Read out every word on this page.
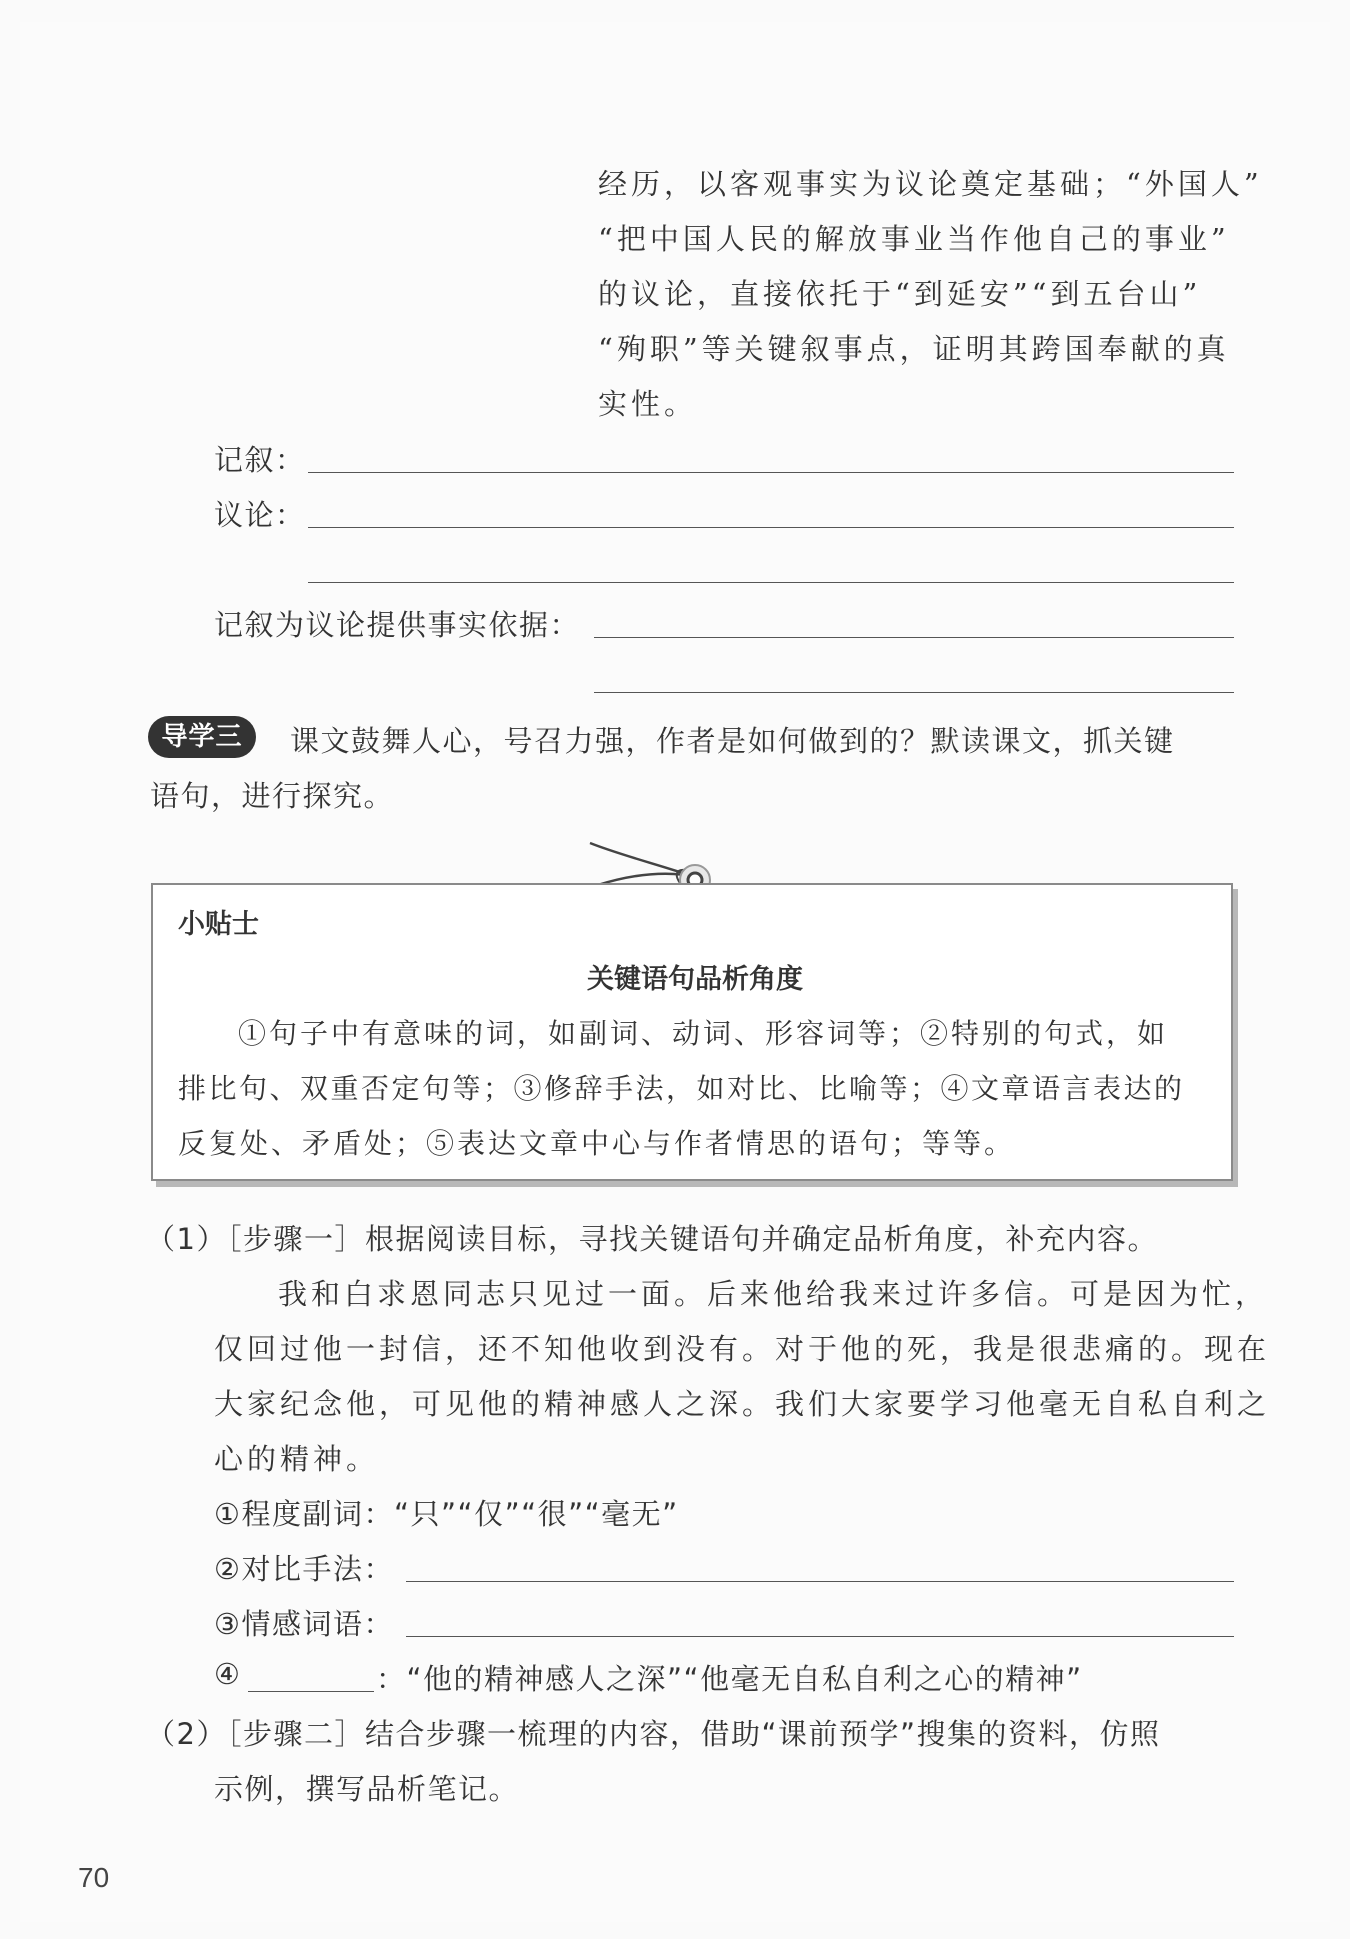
经历，以客观事实为议论奠定基础；“外国人”
“把中国人民的解放事业当作他自己的事业”
的议论，直接依托于“到延安”“到五台山”
“殉职”等关键叙事点，证明其跨国奉献的真
实性。
记叙：
议论：
记叙为议论提供事实依据：
导学三	课文鼓舞人心，号召力强，作者是如何做到的？默读课文，抓关键
语句，进行探究。
小贴士
关键语句品析角度
①句子中有意味的词，如副词、动词、形容词等；②特别的句式，如
排比句、双重否定句等；③修辞手法，如对比、比喻等；④文章语言表达的
反复处、矛盾处；⑤表达文章中心与作者情思的语句；等等。
（1）［步骤一］根据阅读目标，寻找关键语句并确定品析角度，补充内容。
我和白求恩同志只见过一面。后来他给我来过许多信。可是因为忙，
仅回过他一封信，还不知他收到没有。对于他的死，我是很悲痛的。现在
大家纪念他，可见他的精神感人之深。我们大家要学习他毫无自私自利之
心的精神。
①程度副词：“只”“仅”“很”“毫无”
②对比手法：
③情感词语：
④	：“他的精神感人之深”“他毫无自私自利之心的精神”
（2）［步骤二］结合步骤一梳理的内容，借助“课前预学”搜集的资料，仿照
示例，撰写品析笔记。
70
